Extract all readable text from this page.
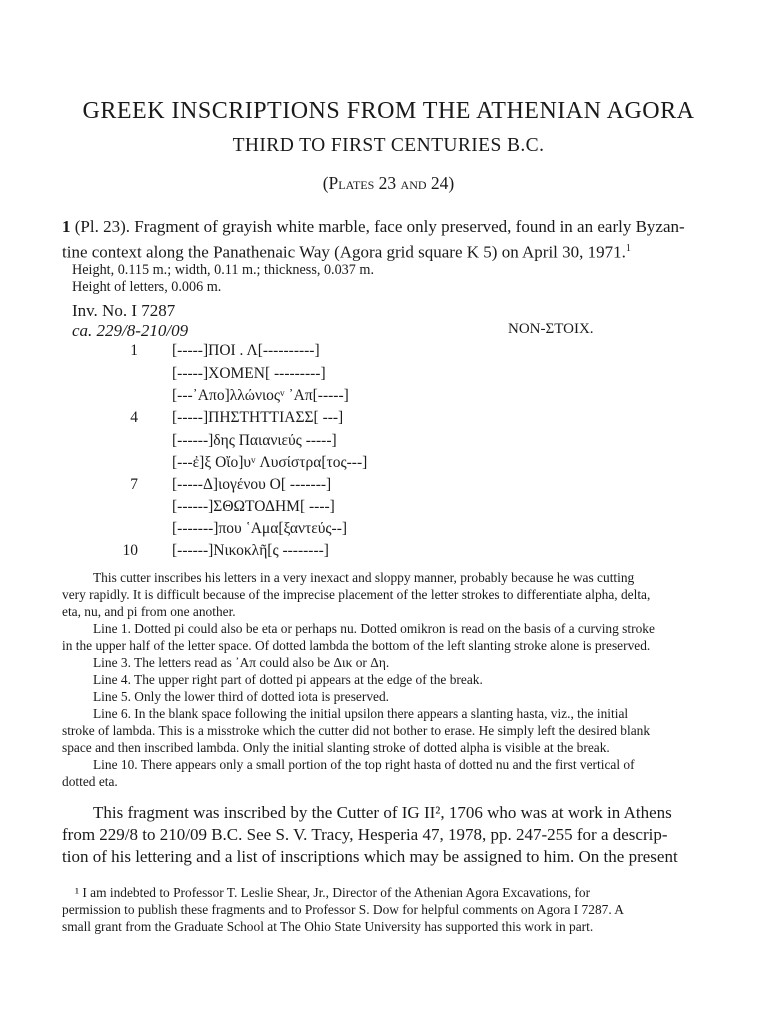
GREEK INSCRIPTIONS FROM THE ATHENIAN AGORA
THIRD TO FIRST CENTURIES B.C.
(Plates 23 and 24)
1 (Pl. 23). Fragment of grayish white marble, face only preserved, found in an early Byzan-
tine context along the Panathenaic Way (Agora grid square K 5) on April 30, 1971.$^1$
Height, 0.115 m.; width, 0.11 m.; thickness, 0.037 m.
Height of letters, 0.006 m.
Inv. No. I 7287
ca. 229/8-210/09	NON-ΣTOIX.
1 [-----]ΠΟΙ . Λ[----------]
[-----]XOMEN[ ---------]
[---᾿Απο]λλώνιοςᵛ ᾿Απ[-----]
4 [-----]ΠΗΣΤΗΤΤΙΑΣΣ[ ---]
[------]δης Παιανιεύς -----]
[---ἐ]ξ Οἴο]υᵛ Λυσίστρα[τος---]
7 [-----Δ]ιογένου Ο[ -------]
[------]ΣΘΩΤΟΔΗΜ[ ----]
[-------]που ῾Αμα[ξαντεύς--]
10 [------]Νικοκλῆ[ς --------]
This cutter inscribes his letters in a very inexact and sloppy manner, probably because he was cutting
very rapidly. It is difficult because of the imprecise placement of the letter strokes to differentiate alpha, delta,
eta, nu, and pi from one another.
Line 1. Dotted pi could also be eta or perhaps nu. Dotted omikron is read on the basis of a curving stroke
in the upper half of the letter space. Of dotted lambda the bottom of the left slanting stroke alone is preserved.
Line 3. The letters read as ᾿Απ could also be Δικ or Δη.
Line 4. The upper right part of dotted pi appears at the edge of the break.
Line 5. Only the lower third of dotted iota is preserved.
Line 6. In the blank space following the initial upsilon there appears a slanting hasta, viz., the initial
stroke of lambda. This is a misstroke which the cutter did not bother to erase. He simply left the desired blank
space and then inscribed lambda. Only the initial slanting stroke of dotted alpha is visible at the break.
Line 10. There appears only a small portion of the top right hasta of dotted nu and the first vertical of
dotted eta.
This fragment was inscribed by the Cutter of IG II², 1706 who was at work in Athens
from 229/8 to 210/09 B.C. See S. V. Tracy, Hesperia 47, 1978, pp. 247-255 for a descrip-
tion of his lettering and a list of inscriptions which may be assigned to him. On the present
¹ I am indebted to Professor T. Leslie Shear, Jr., Director of the Athenian Agora Excavations, for
permission to publish these fragments and to Professor S. Dow for helpful comments on Agora I 7287. A
small grant from the Graduate School at The Ohio State University has supported this work in part.
